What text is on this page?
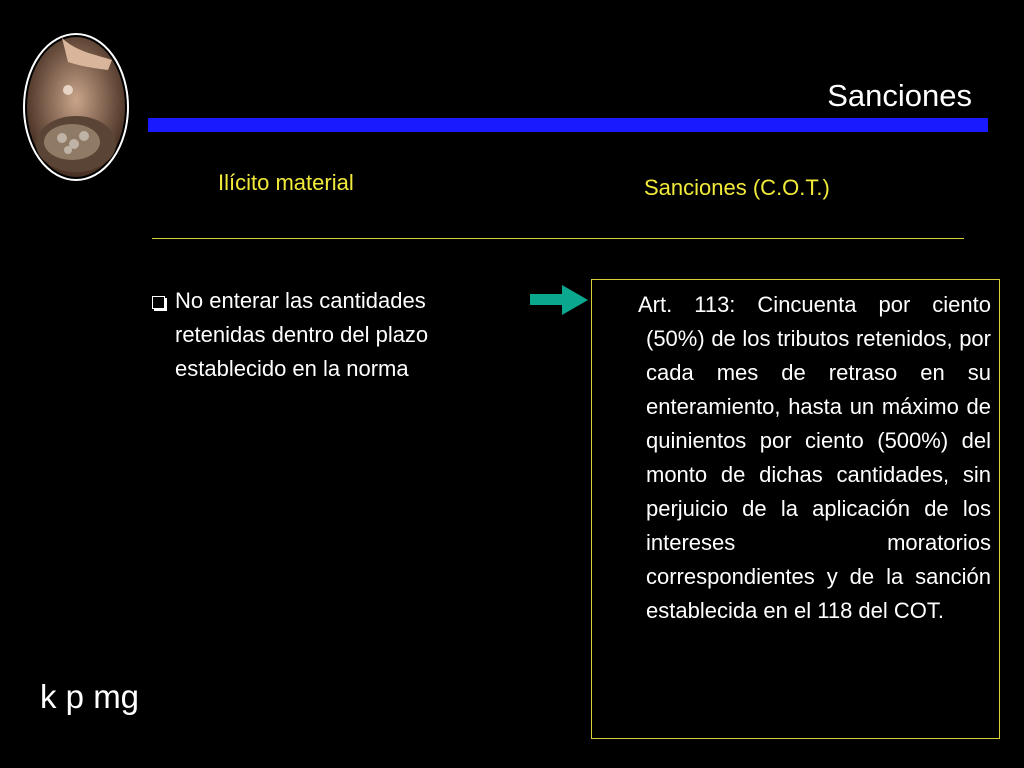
Sanciones
Ilícito material	Sanciones (C.O.T.)
No enterar las cantidades retenidas dentro del plazo establecido en la norma

Art. 113: Cincuenta por ciento (50%) de los tributos retenidos, por cada mes de retraso en su enteramiento, hasta un máximo de quinientos por ciento (500%) del monto de dichas cantidades, sin perjuicio de la aplicación de los intereses moratorios correspondientes y de la sanción establecida en el 118 del COT.

k p mg
